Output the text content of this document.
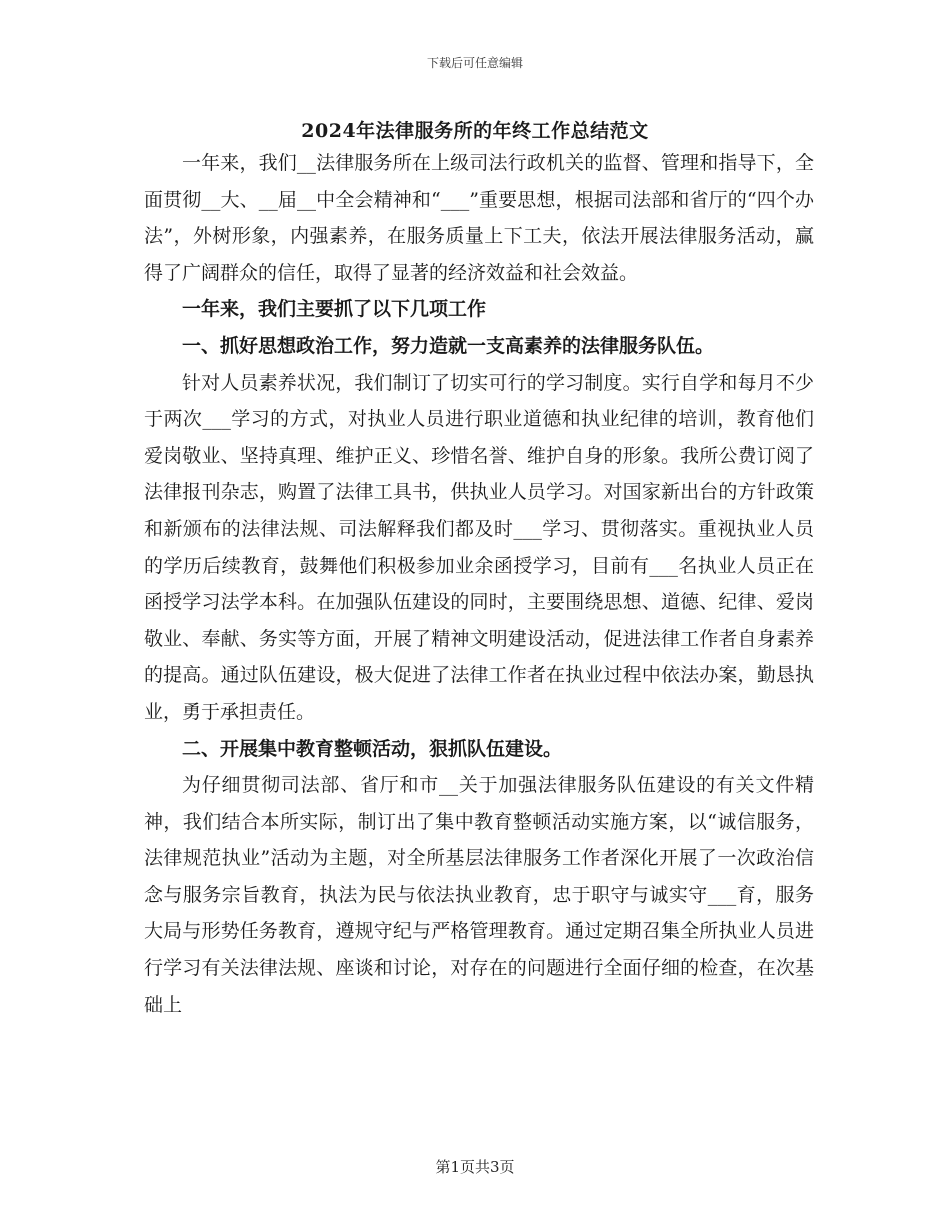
下载后可任意编辑
2024年法律服务所的年终工作总结范文

一年来，我们__法律服务所在上级司法行政机关的监督、管理和指导下，全面贯彻__大、__届__中全会精神和“___”重要思想，根据司法部和省厅的“四个办法”，外树形象，内强素养，在服务质量上下工夫，依法开展法律服务活动，赢得了广阔群众的信任，取得了显著的经济效益和社会效益。

一年来，我们主要抓了以下几项工作

一、抓好思想政治工作，努力造就一支高素养的法律服务队伍。

针对人员素养状况，我们制订了切实可行的学习制度。实行自学和每月不少于两次___学习的方式，对执业人员进行职业道德和执业纪律的培训，教育他们爱岗敬业、坚持真理、维护正义、珍惜名誉、维护自身的形象。我所公费订阅了法律报刊杂志，购置了法律工具书，供执业人员学习。对国家新出台的方针政策和新颁布的法律法规、司法解释我们都及时___学习、贯彻落实。重视执业人员的学历后续教育，鼓舞他们积极参加业余函授学习，目前有___名执业人员正在函授学习法学本科。在加强队伍建设的同时，主要围绕思想、道德、纪律、爱岗敬业、奉献、务实等方面，开展了精神文明建设活动，促进法律工作者自身素养的提高。通过队伍建设，极大促进了法律工作者在执业过程中依法办案，勤恳执业，勇于承担责任。

二、开展集中教育整顿活动，狠抓队伍建设。

为仔细贯彻司法部、省厅和市__关于加强法律服务队伍建设的有关文件精神，我们结合本所实际，制订出了集中教育整顿活动实施方案，以“诚信服务，法律规范执业”活动为主题，对全所基层法律服务工作者深化开展了一次政治信念与服务宗旨教育，执法为民与依法执业教育，忠于职守与诚实守___育，服务大局与形势任务教育，遵规守纪与严格管理教育。通过定期召集全所执业人员进行学习有关法律法规、座谈和讨论，对存在的问题进行全面仔细的检查，在次基础上

第1页共3页
